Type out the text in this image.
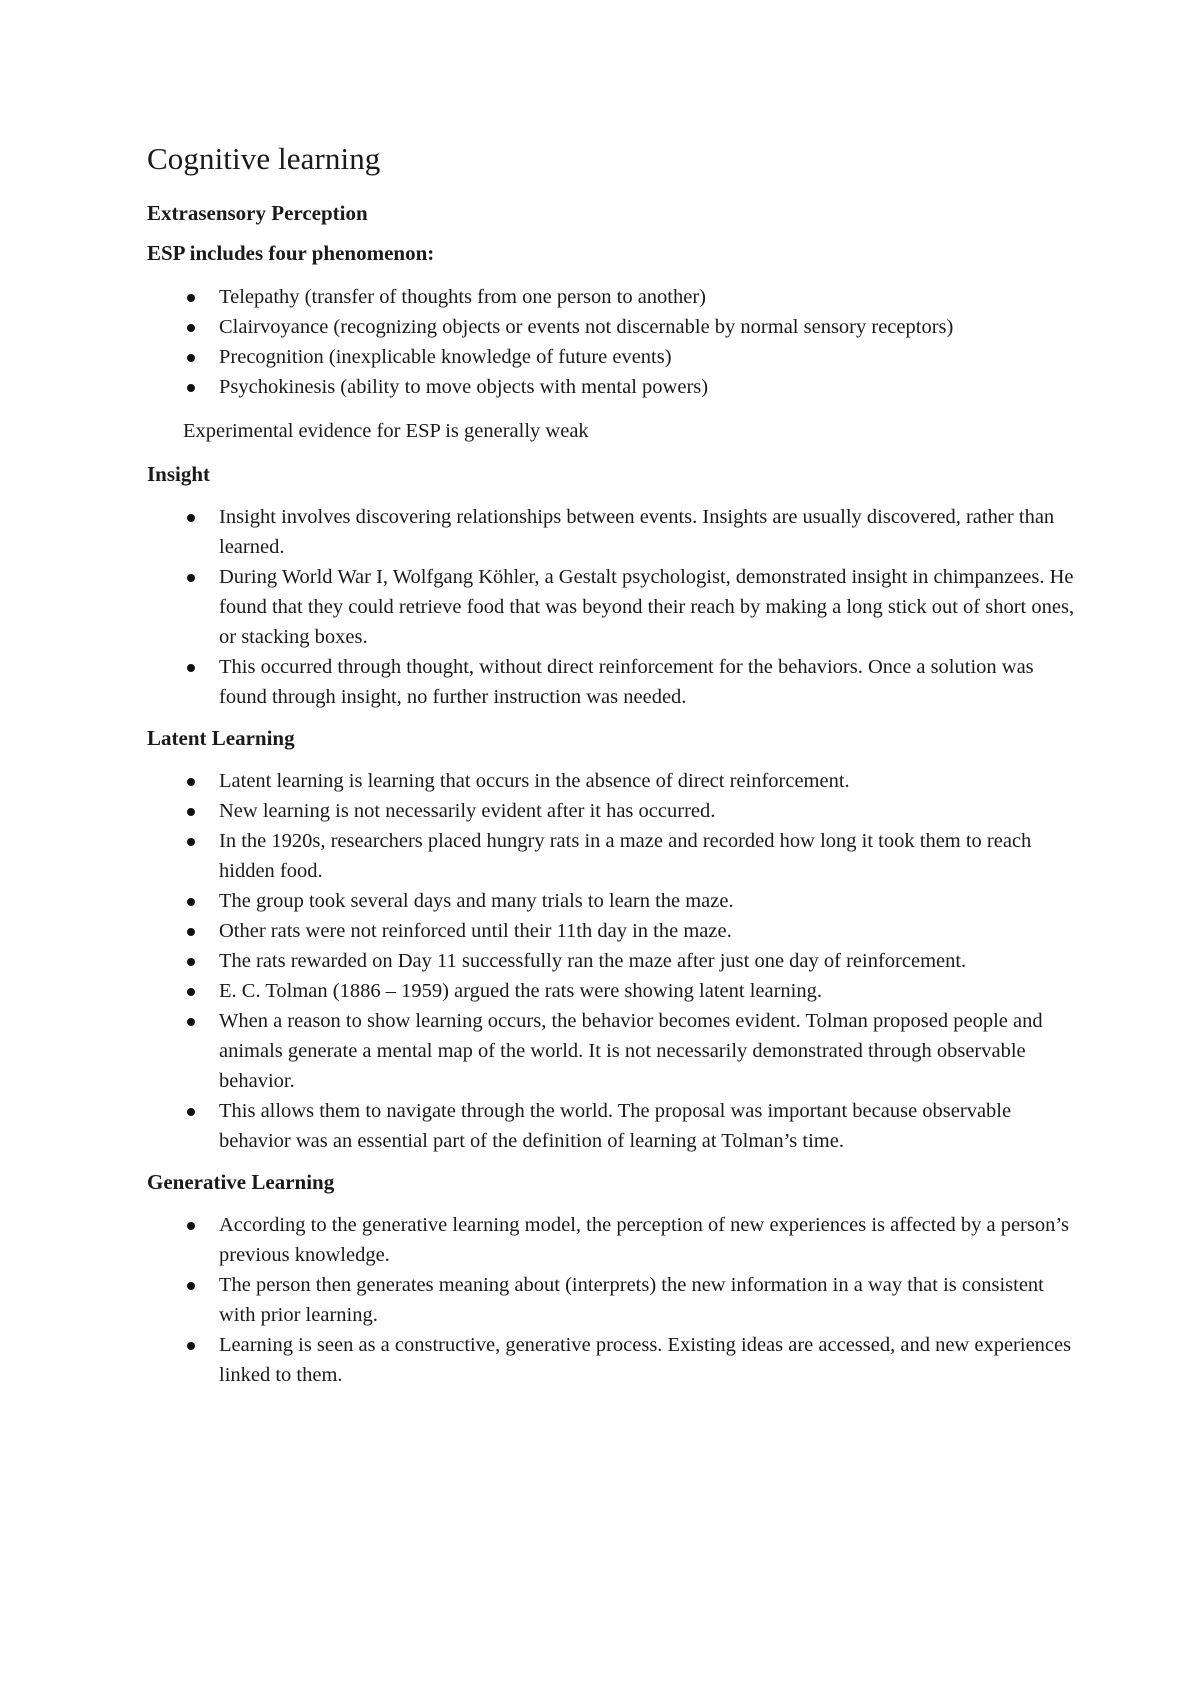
Cognitive learning
Extrasensory Perception
ESP includes four phenomenon:
Telepathy (transfer of thoughts from one person to another)
Clairvoyance (recognizing objects or events not discernable by normal sensory receptors)
Precognition (inexplicable knowledge of future events)
Psychokinesis (ability to move objects with mental powers)

Experimental evidence for ESP is generally weak

Insight
Insight involves discovering relationships between events. Insights are usually discovered, rather than learned.
During World War I, Wolfgang Köhler, a Gestalt psychologist, demonstrated insight in chimpanzees. He found that they could retrieve food that was beyond their reach by making a long stick out of short ones, or stacking boxes.
This occurred through thought, without direct reinforcement for the behaviors. Once a solution was found through insight, no further instruction was needed.
Latent Learning
Latent learning is learning that occurs in the absence of direct reinforcement.
New learning is not necessarily evident after it has occurred.
In the 1920s, researchers placed hungry rats in a maze and recorded how long it took them to reach hidden food.
The group took several days and many trials to learn the maze.
Other rats were not reinforced until their 11th day in the maze.
The rats rewarded on Day 11 successfully ran the maze after just one day of reinforcement.
E. C. Tolman (1886 – 1959) argued the rats were showing latent learning.
When a reason to show learning occurs, the behavior becomes evident. Tolman proposed people and animals generate a mental map of the world. It is not necessarily demonstrated through observable behavior.
This allows them to navigate through the world. The proposal was important because observable behavior was an essential part of the definition of learning at Tolman’s time.
Generative Learning
According to the generative learning model, the perception of new experiences is affected by a person’s previous knowledge.
The person then generates meaning about (interprets) the new information in a way that is consistent with prior learning.
Learning is seen as a constructive, generative process. Existing ideas are accessed, and new experiences linked to them.
